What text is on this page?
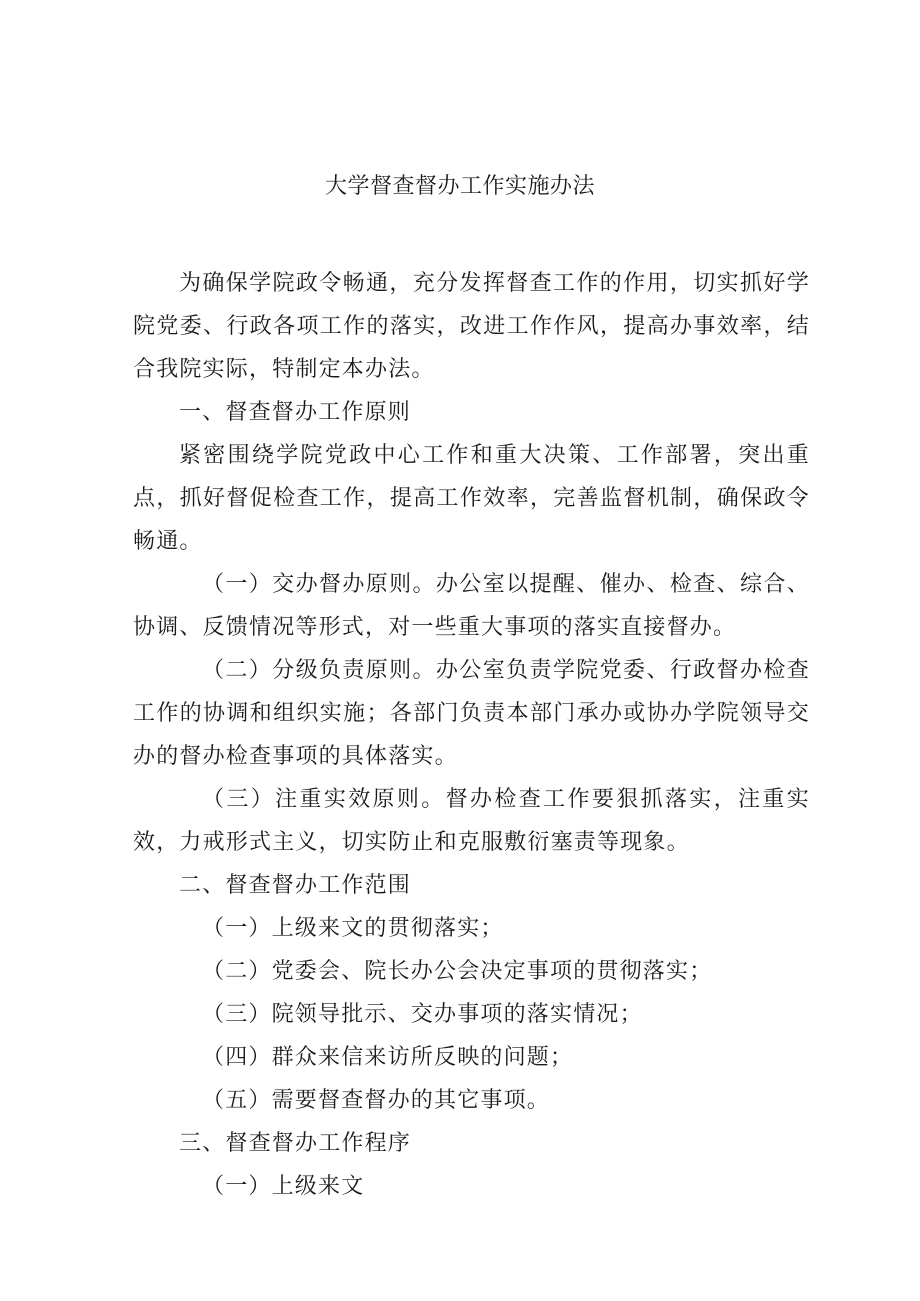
大学督查督办工作实施办法

为确保学院政令畅通，充分发挥督查工作的作用，切实抓好学院党委、行政各项工作的落实，改进工作作风，提高办事效率，结合我院实际，特制定本办法。

一、督查督办工作原则

紧密围绕学院党政中心工作和重大决策、工作部署，突出重点，抓好督促检查工作，提高工作效率，完善监督机制，确保政令畅通。

（一）交办督办原则。办公室以提醒、催办、检查、综合、协调、反馈情况等形式，对一些重大事项的落实直接督办。

（二）分级负责原则。办公室负责学院党委、行政督办检查工作的协调和组织实施；各部门负责本部门承办或协办学院领导交办的督办检查事项的具体落实。

（三）注重实效原则。督办检查工作要狠抓落实，注重实效，力戒形式主义，切实防止和克服敷衍塞责等现象。

二、督查督办工作范围

（一）上级来文的贯彻落实；

（二）党委会、院长办公会决定事项的贯彻落实；

（三）院领导批示、交办事项的落实情况；

（四）群众来信来访所反映的问题；

（五）需要督查督办的其它事项。

三、督查督办工作程序

（一）上级来文
